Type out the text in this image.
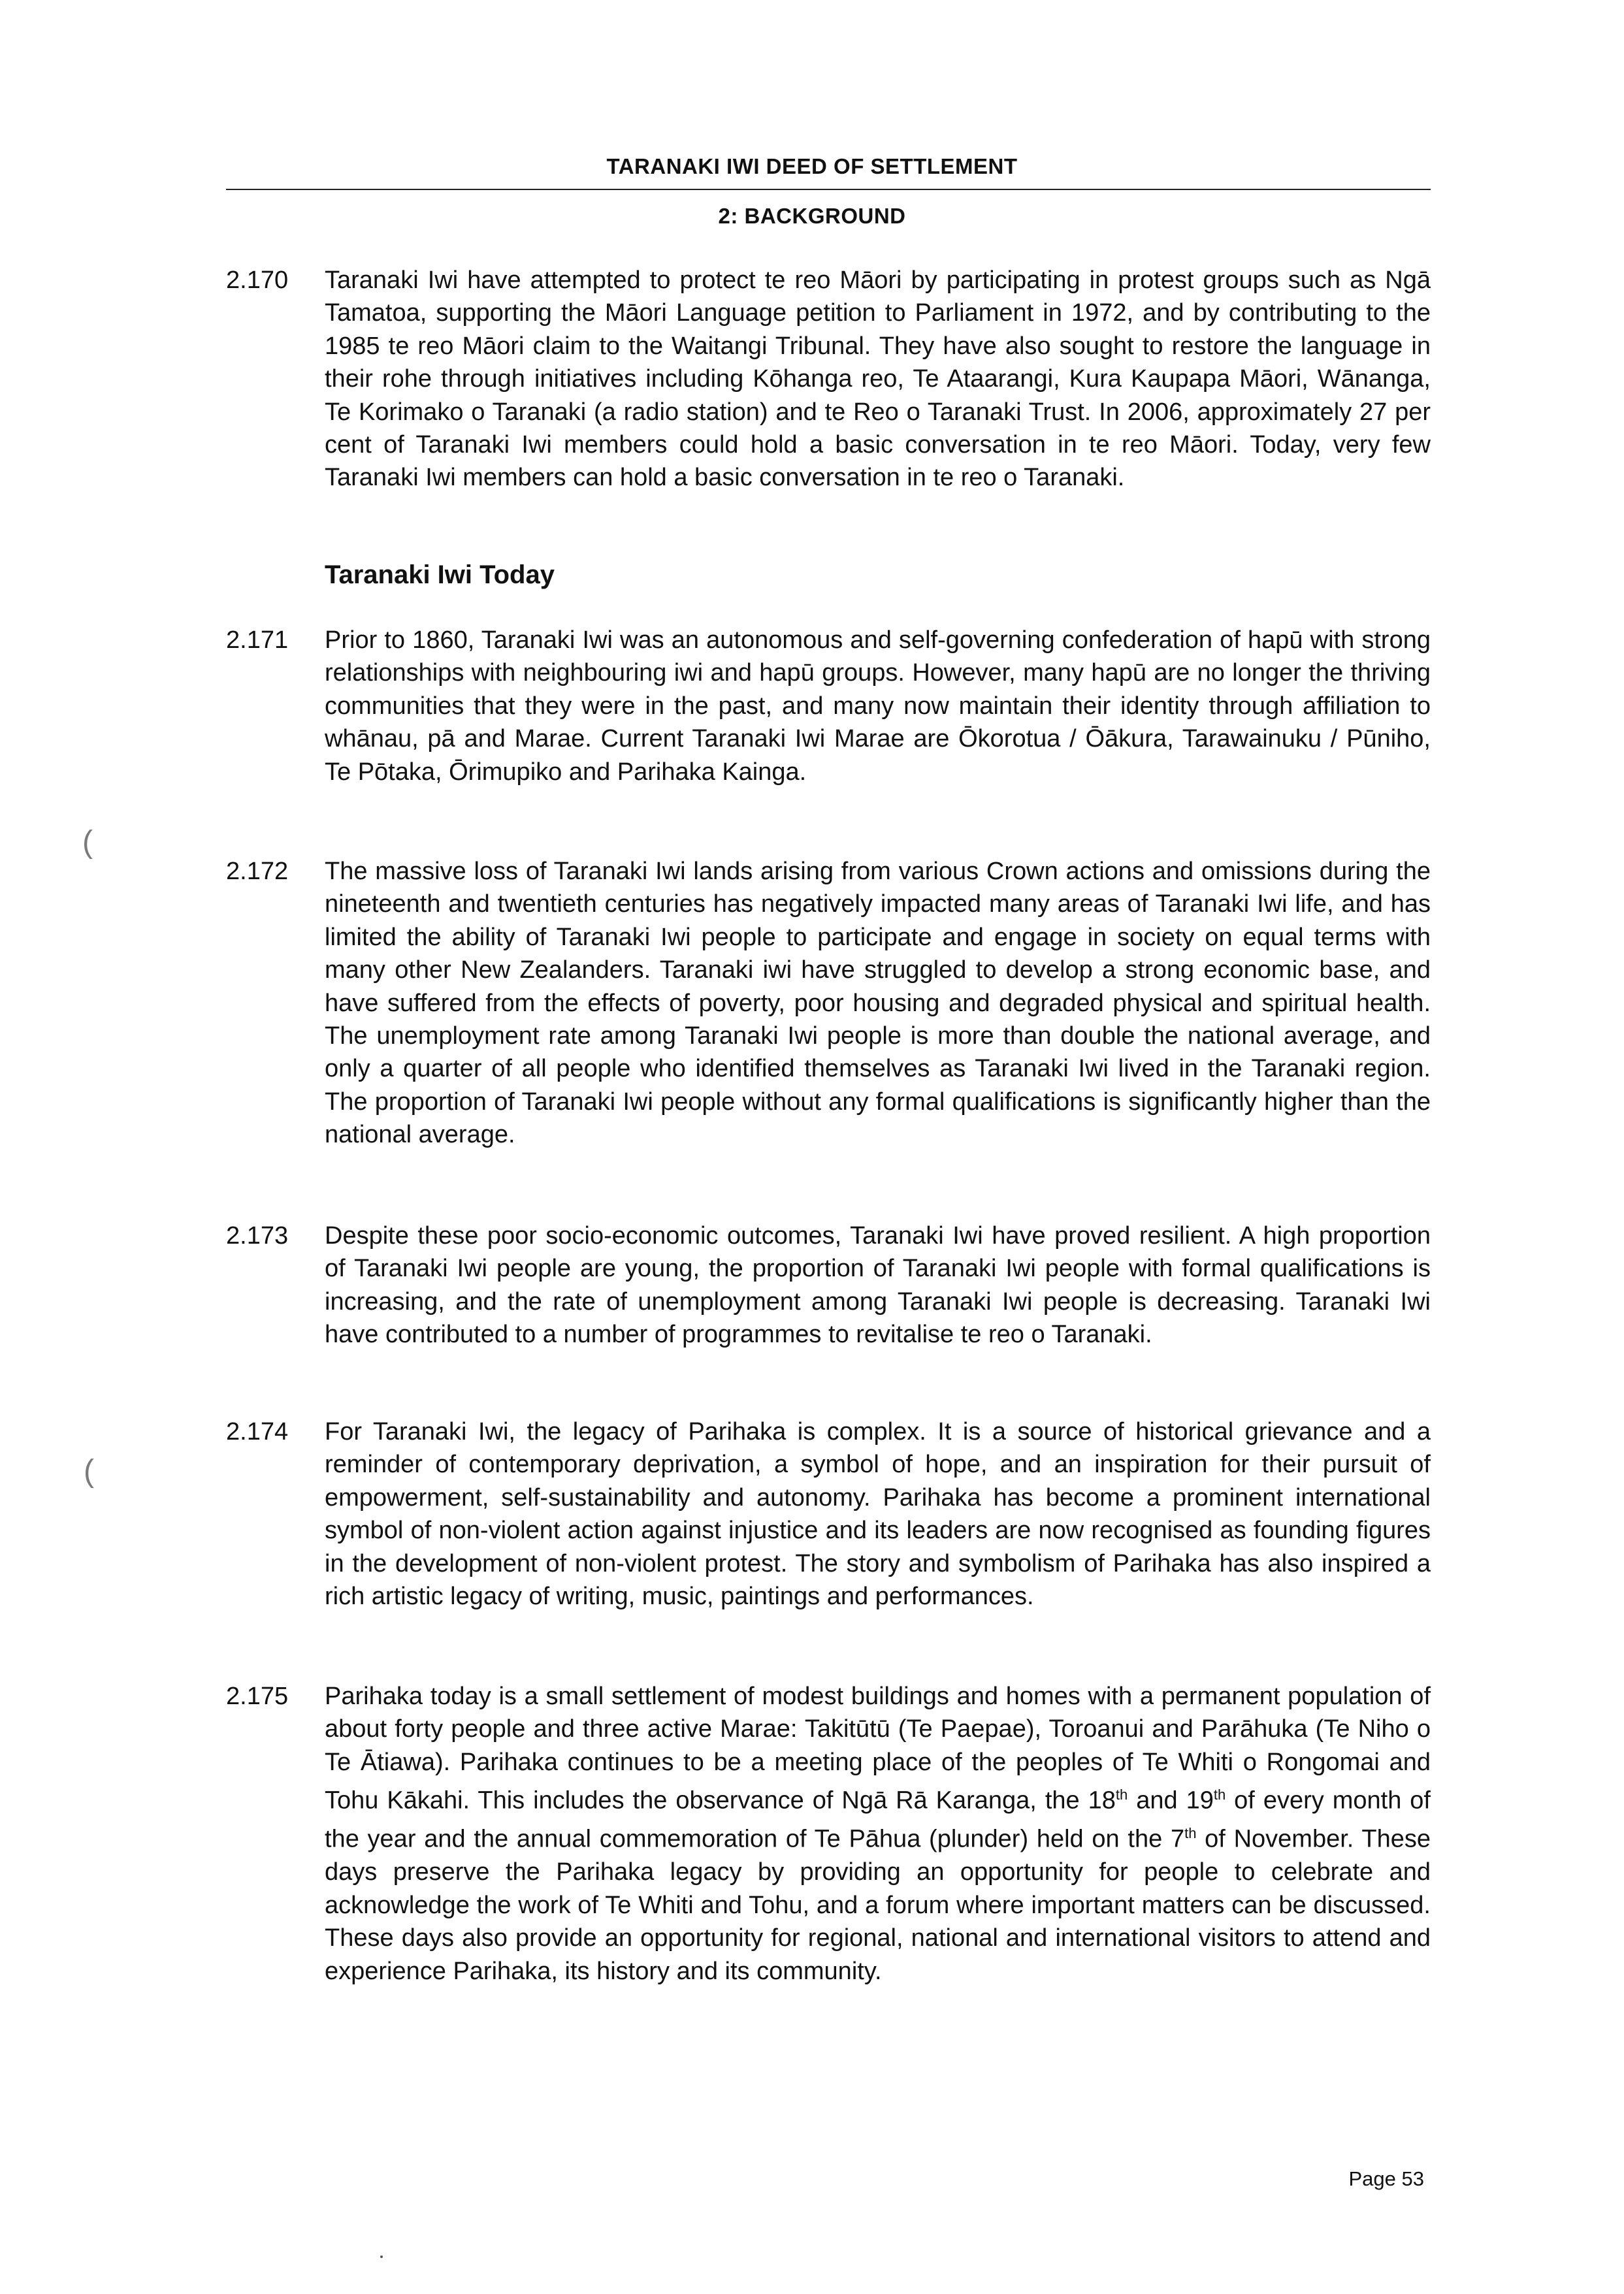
TARANAKI IWI DEED OF SETTLEMENT
2: BACKGROUND
2.170	Taranaki Iwi have attempted to protect te reo Māori by participating in protest groups such as Ngā Tamatoa, supporting the Māori Language petition to Parliament in 1972, and by contributing to the 1985 te reo Māori claim to the Waitangi Tribunal. They have also sought to restore the language in their rohe through initiatives including Kōhanga reo, Te Ataarangi, Kura Kaupapa Māori, Wānanga, Te Korimako o Taranaki (a radio station) and te Reo o Taranaki Trust. In 2006, approximately 27 per cent of Taranaki Iwi members could hold a basic conversation in te reo Māori. Today, very few Taranaki Iwi members can hold a basic conversation in te reo o Taranaki.
Taranaki Iwi Today
2.171	Prior to 1860, Taranaki Iwi was an autonomous and self-governing confederation of hapū with strong relationships with neighbouring iwi and hapū groups. However, many hapū are no longer the thriving communities that they were in the past, and many now maintain their identity through affiliation to whānau, pā and Marae. Current Taranaki Iwi Marae are Ōkorotua / Ōākura, Tarawainuku / Pūniho, Te Pōtaka, Ōrimupiko and Parihaka Kainga.
2.172	The massive loss of Taranaki Iwi lands arising from various Crown actions and omissions during the nineteenth and twentieth centuries has negatively impacted many areas of Taranaki Iwi life, and has limited the ability of Taranaki Iwi people to participate and engage in society on equal terms with many other New Zealanders. Taranaki iwi have struggled to develop a strong economic base, and have suffered from the effects of poverty, poor housing and degraded physical and spiritual health. The unemployment rate among Taranaki Iwi people is more than double the national average, and only a quarter of all people who identified themselves as Taranaki Iwi lived in the Taranaki region. The proportion of Taranaki Iwi people without any formal qualifications is significantly higher than the national average.
2.173	Despite these poor socio-economic outcomes, Taranaki Iwi have proved resilient. A high proportion of Taranaki Iwi people are young, the proportion of Taranaki Iwi people with formal qualifications is increasing, and the rate of unemployment among Taranaki Iwi people is decreasing. Taranaki Iwi have contributed to a number of programmes to revitalise te reo o Taranaki.
2.174	For Taranaki Iwi, the legacy of Parihaka is complex. It is a source of historical grievance and a reminder of contemporary deprivation, a symbol of hope, and an inspiration for their pursuit of empowerment, self-sustainability and autonomy. Parihaka has become a prominent international symbol of non-violent action against injustice and its leaders are now recognised as founding figures in the development of non-violent protest. The story and symbolism of Parihaka has also inspired a rich artistic legacy of writing, music, paintings and performances.
2.175	Parihaka today is a small settlement of modest buildings and homes with a permanent population of about forty people and three active Marae: Takitūtū (Te Paepae), Toroanui and Parāhuka (Te Niho o Te Ātiawa). Parihaka continues to be a meeting place of the peoples of Te Whiti o Rongomai and Tohu Kākahi. This includes the observance of Ngā Rā Karanga, the 18th and 19th of every month of the year and the annual commemoration of Te Pāhua (plunder) held on the 7th of November. These days preserve the Parihaka legacy by providing an opportunity for people to celebrate and acknowledge the work of Te Whiti and Tohu, and a forum where important matters can be discussed. These days also provide an opportunity for regional, national and international visitors to attend and experience Parihaka, its history and its community.
Page 53
(
(
